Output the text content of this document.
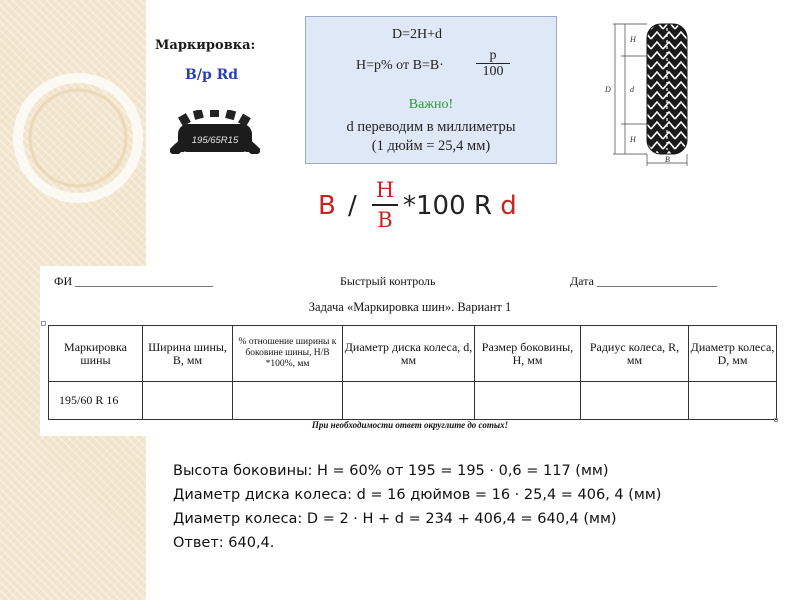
Маркировка:
B/p Rd
195/65R15
D=2H+d
H=p% от $B=B\cdot \frac{p}{100}$
Важно!
d переводим в миллиметры
(1 дюйм = 25,4 мм)
H
d
D
H
B
B / $\frac{H}{B} *100$ R d
ФИ _______________________	Быстрый контроль	Дата ____________________
Задача «Маркировка шин». Вариант 1
Маркировка шины	Ширина шины, В, мм	% отношение ширины к боковине шины, H/B *100%, мм	Диаметр диска колеса, d, мм	Размер боковины, H, мм	Радиус колеса, R, мм	Диаметр колеса, D, мм
195/60 R 16						
При необходимости ответ округлите до сотых!
Высота боковины: H = 60% от 195 = 195 · 0,6 = 117 (мм)
Диаметр диска колеса: d = 16 дюймов = 16 · 25,4 = 406, 4 (мм)
Диаметр колеса: D = 2 · H + d = 234 + 406,4 = 640,4 (мм)
Ответ: 640,4.
